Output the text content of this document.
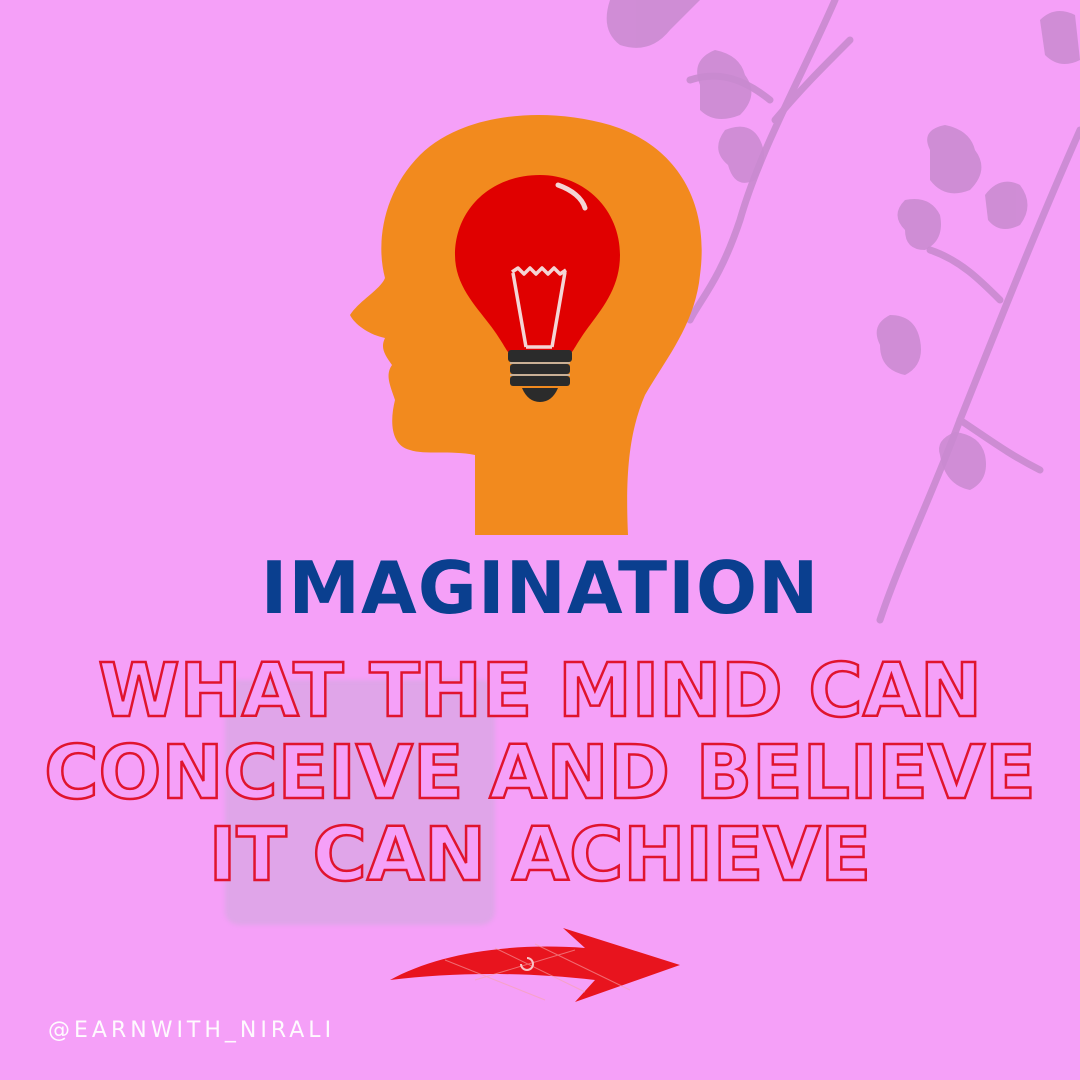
IMAGINATION
WHAT THE MIND CAN
CONCEIVE AND BELIEVE
IT CAN ACHIEVE
@EARNWITH_NIRALI
